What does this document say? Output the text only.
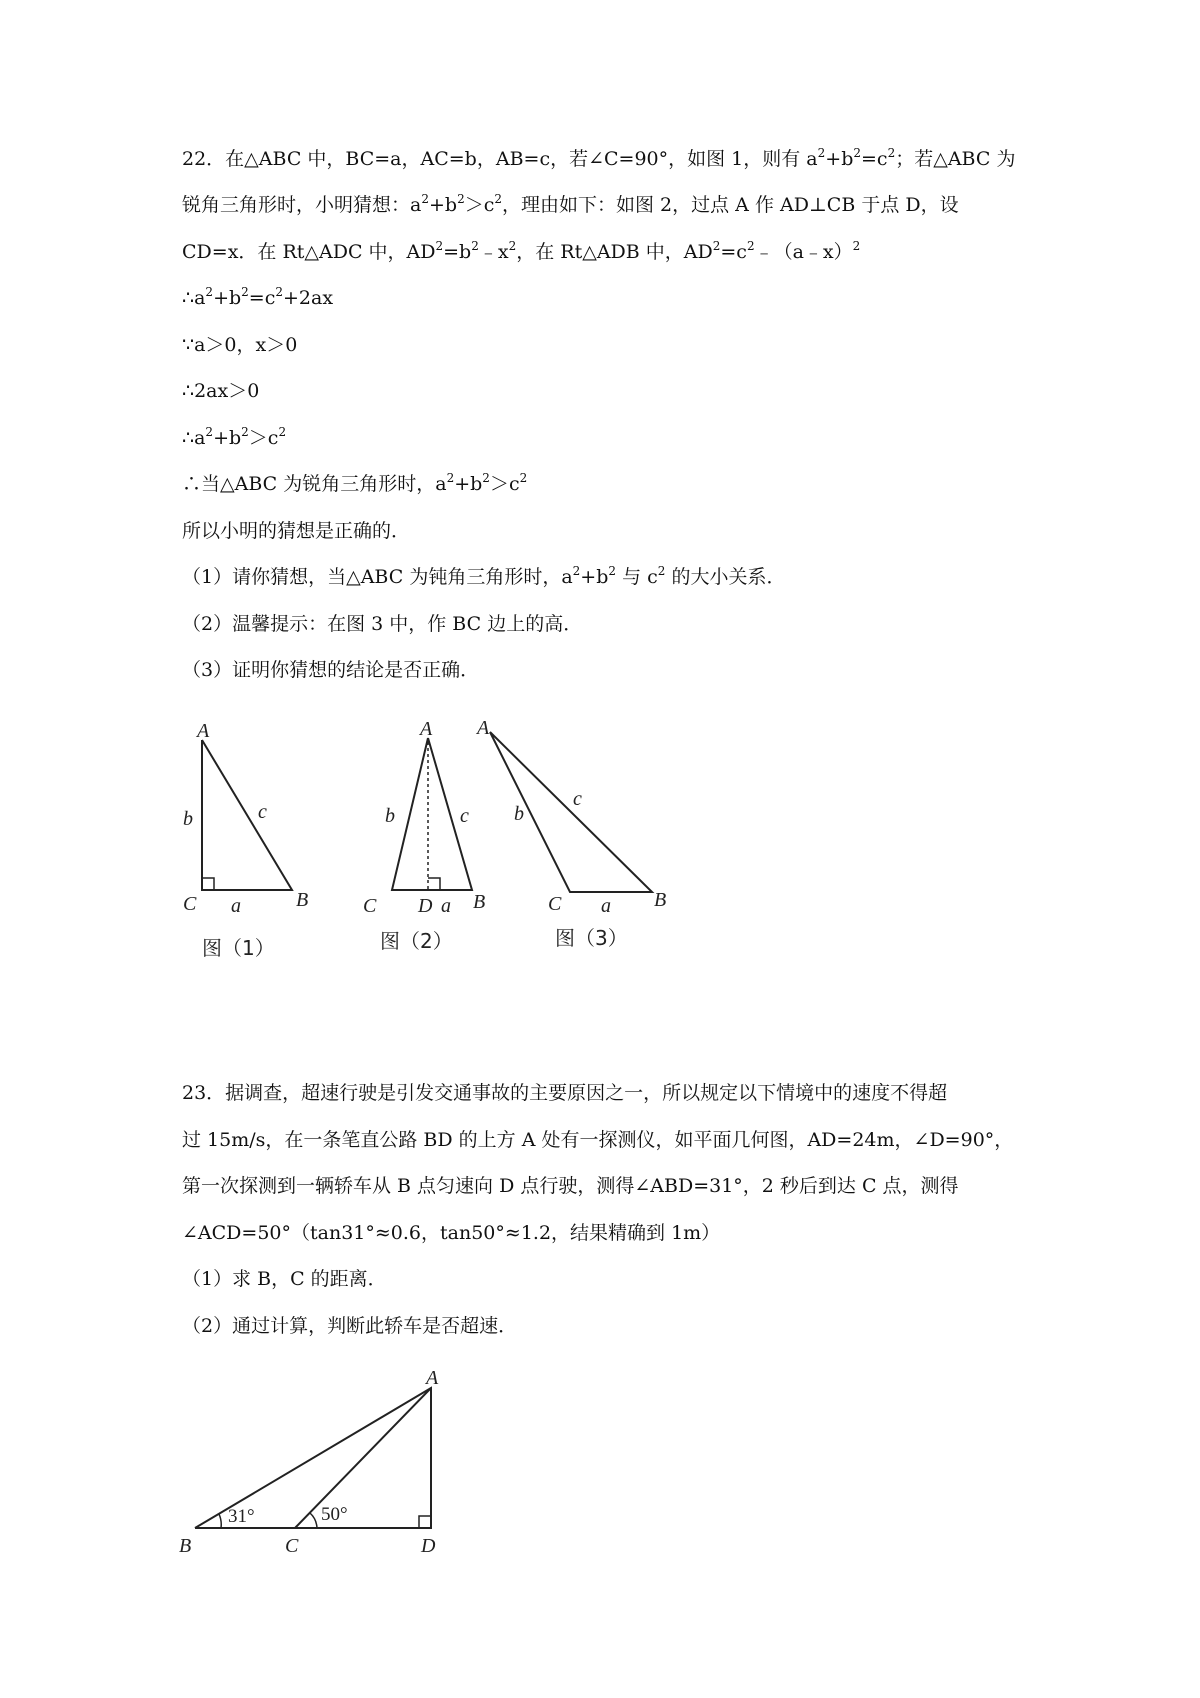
22．在△ABC 中，BC=a，AC=b，AB=c，若∠C=90°，如图 1，则有 $a^2+b^2=c^2$；若△ABC 为
锐角三角形时，小明猜想：$a^2+b^2>c^2$，理由如下：如图 2，过点 A 作 AD⊥CB 于点 D，设
CD=x．在 Rt△ADC 中，$AD^2=b^2﹣x^2$，在 Rt△ADB 中，$AD^2=c^2﹣(a﹣x)^2$
$\therefore a^2+b^2=c^2+2ax$
∵a＞0，x＞0
∴2ax＞0
$\therefore a^2+b^2>c^2$
∴当△ABC 为锐角三角形时，$a^2+b^2>c^2$
所以小明的猜想是正确的．
（1）请你猜想，当△ABC 为钝角三角形时，$a^2+b^2$ 与 $c^2$ 的大小关系．
（2）温馨提示：在图 3 中，作 BC 边上的高．
（3）证明你猜想的结论是否正确．
A
b	c
C a	B
图（1）
A
b	c
C D a B
图（2）
A
b
c
C a B
图（3）
23．据调查，超速行驶是引发交通事故的主要原因之一，所以规定以下情境中的速度不得超
过 15m/s，在一条笔直公路 BD 的上方 A 处有一探测仪，如平面几何图，AD=24m，∠D=90°，
第一次探测到一辆轿车从 B 点匀速向 D 点行驶，测得∠ABD=31°，2 秒后到达 C 点，测得
∠ACD=50°（tan31°≈0.6，tan50°≈1.2，结果精确到 1m）
（1）求 B，C 的距离．
（2）通过计算，判断此轿车是否超速．
A
B	C	D
31°	50°
